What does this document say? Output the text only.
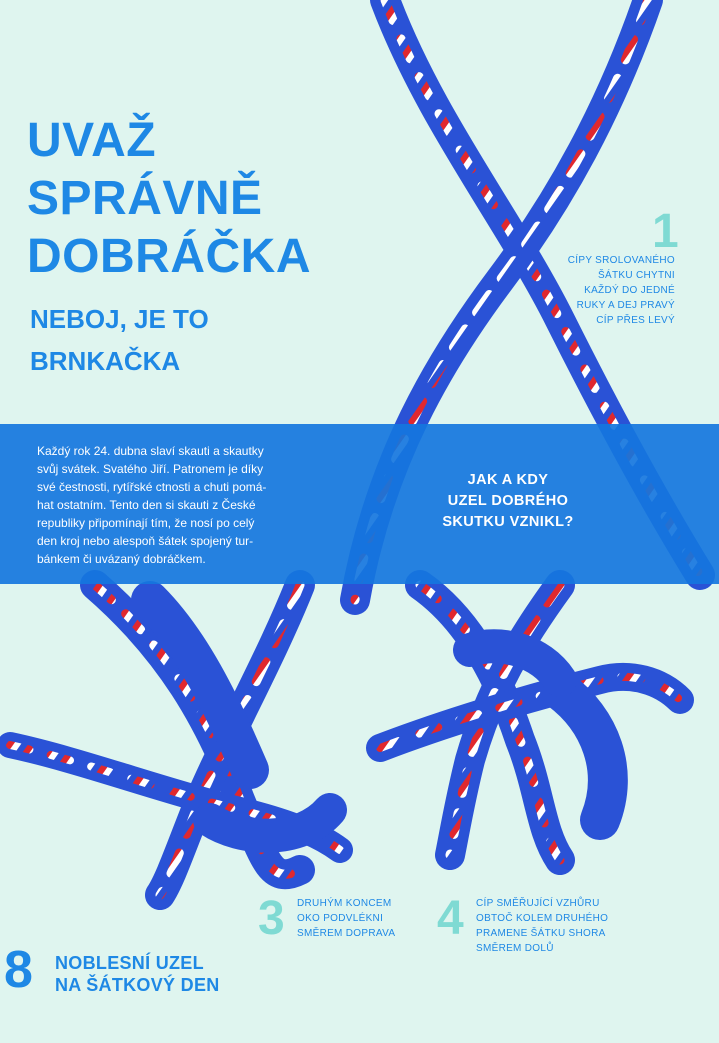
UVAŽ
SPRÁVNĚ
DOBRÁČKA
NEBOJ, JE TO
BRNKAČKA
1
CÍPY SROLOVANÉHO
ŠÁTKU CHYTNI
KAŽDÝ DO JEDNÉ
RUKY A DEJ PRAVÝ
CÍP PŘES LEVÝ
Každý rok 24. dubna slaví skauti a skautky
svůj svátek. Svatého Jiří. Patronem je díky
své čestnosti, rytířské ctnosti a chuti pomá-
hat ostatním. Tento den si skauti z České
republiky připomínají tím, že nosí po celý
den kroj nebo alespoň šátek spojený tur-
bánkem či uvázaný dobráčkem.
JAK A KDY
UZEL DOBRÉHO
SKUTKU VZNIKL?
3 DRUHÝM KONCEM
OKO PODVLÉKNI
SMĚREM DOPRAVA 4 CÍP SMĚŘUJÍCÍ VZHŮRU
OBTOČ KOLEM DRUHÉHO
PRAMENE ŠÁTKU SHORA
SMĚREM DOLŮ
8 NOBLESNÍ UZEL
NA ŠÁTKOVÝ DEN
